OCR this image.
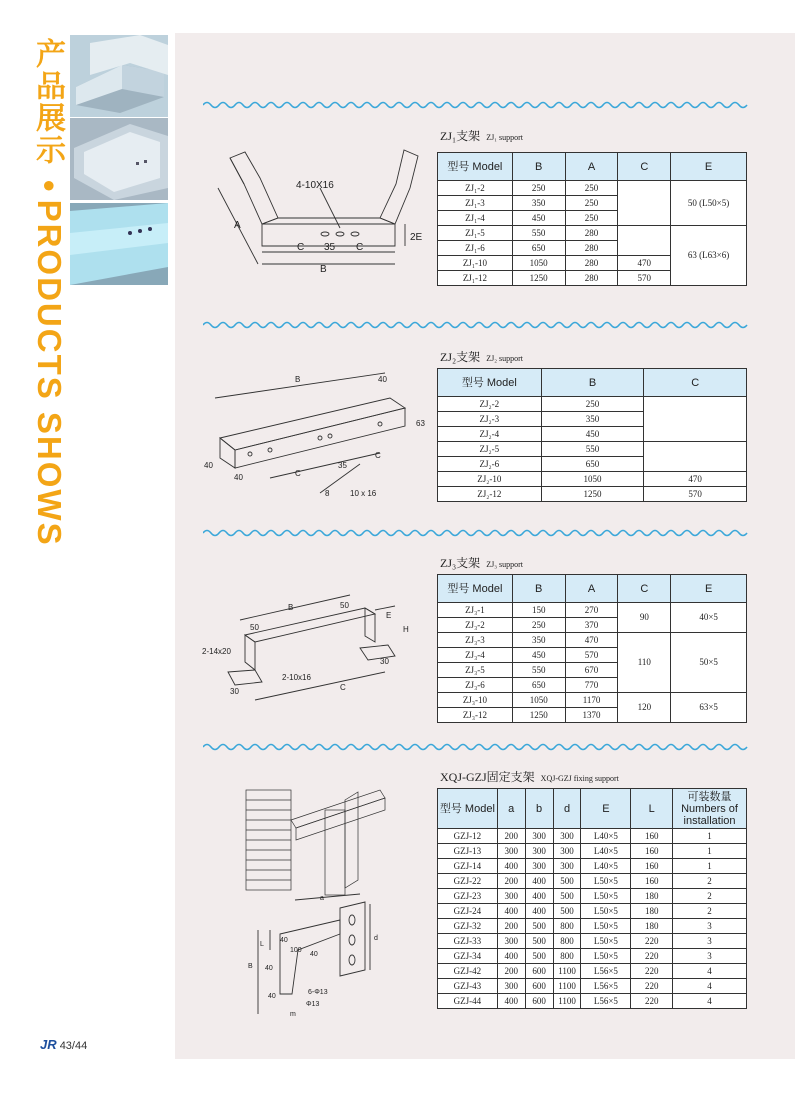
产品展示
•PRODUCTS SHOWS
ZJ₁支架 ZJ₁ support
4-10X16
A
C 35 C
B
2E
型号 Model	B	A	C	E
ZJ₁-2	250	250		50 (L50×5)
ZJ₁-3	350	250		
ZJ₁-4	450	250		
ZJ₁-5	550	280		63 (L63×6)
ZJ₁-6	650	280		
ZJ₁-10	1050	280	470	
ZJ₁-12	1250	280	570	
ZJ₂支架 ZJ₂ support
B	40
63
40
40	C
35
C
8	10 x 16
型号 Model	B	C
ZJ₂-2	250	
ZJ₂-3	350	
ZJ₂-4	450	
ZJ₂-5	550	
ZJ₂-6	650	
ZJ₂-10	1050	470
ZJ₂-12	1250	570
ZJ₃支架 ZJ₃ support
B	50
E
H
50
2-14x20
2-10x16
30
30
C
型号 Model	B	A	C	E
ZJ₃-1	150	270	90	40×5
ZJ₃-2	250	370		
ZJ₃-3	350	470	110	50×5
ZJ₃-4	450	570		
ZJ₃-5	550	670		
ZJ₃-6	650	770		
ZJ₃-10	1050	1170	120	63×5
ZJ₃-12	1250	1370		
XQJ-GZJ固定支架 XQJ-GZJ fixing support
a
L
B
d
40
100
40
40
6-Φ13
Φ13
40
m
型号 Model	a	b	d	E	L	可装数量 Numbers of installation
GZJ-12	200	300	300	L40×5	160	1
GZJ-13	300	300	300	L40×5	160	1
GZJ-14	400	300	300	L40×5	160	1
GZJ-22	200	400	500	L50×5	160	2
GZJ-23	300	400	500	L50×5	180	2
GZJ-24	400	400	500	L50×5	180	2
GZJ-32	200	500	800	L50×5	180	3
GZJ-33	300	500	800	L50×5	220	3
GZJ-34	400	500	800	L50×5	220	3
GZJ-42	200	600	1100	L56×5	220	4
GZJ-43	300	600	1100	L56×5	220	4
GZJ-44	400	600	1100	L56×5	220	4
JR 43/44
